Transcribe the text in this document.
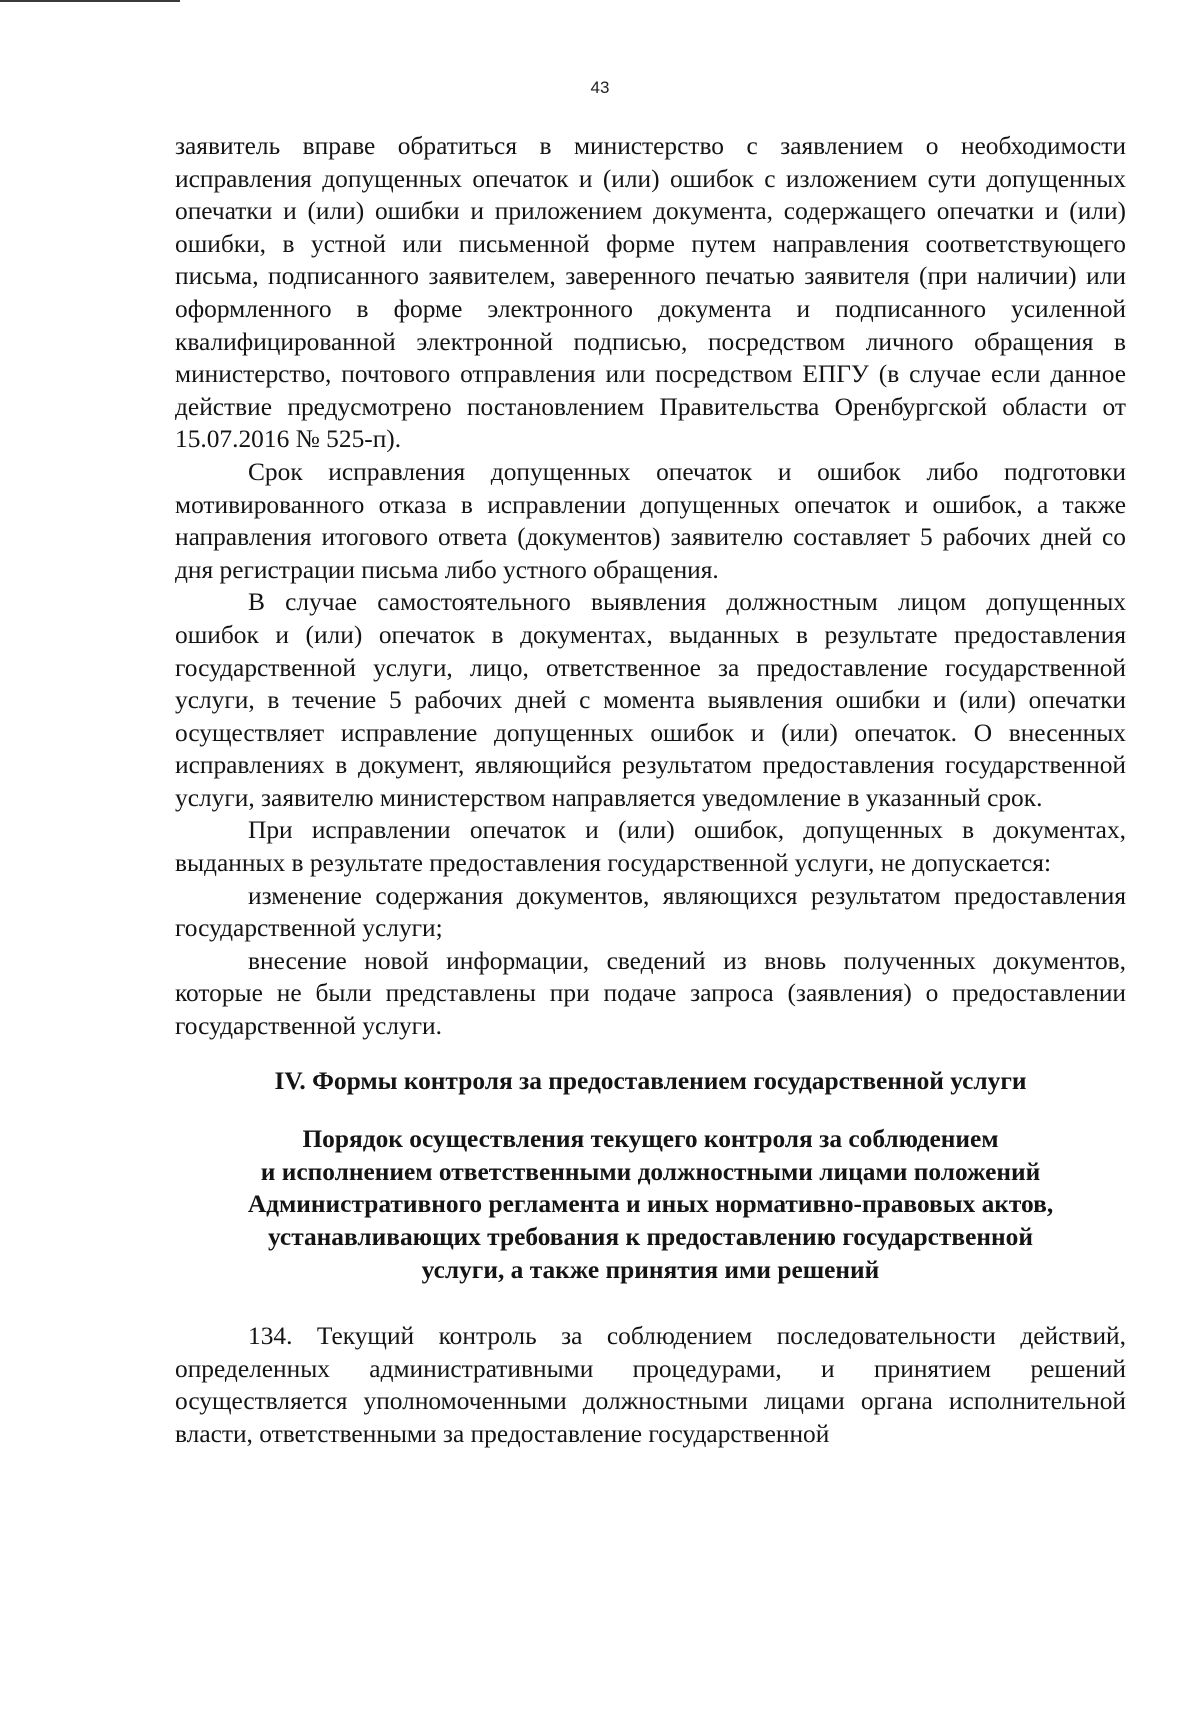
43

заявитель вправе обратиться в министерство с заявлением о необходимости исправления допущенных опечаток и (или) ошибок с изложением сути допущенных опечатки и (или) ошибки и приложением документа, содержащего опечатки и (или) ошибки, в устной или письменной форме путем направления соответствующего письма, подписанного заявителем, заверенного печатью заявителя (при наличии) или оформленного в форме электронного документа и подписанного усиленной квалифицированной электронной подписью, посредством личного обращения в министерство, почтового отправления или посредством ЕПГУ (в случае если данное действие предусмотрено постановлением Правительства Оренбургской области от 15.07.2016 № 525-п).

Срок исправления допущенных опечаток и ошибок либо подготовки мотивированного отказа в исправлении допущенных опечаток и ошибок, а также направления итогового ответа (документов) заявителю составляет 5 рабочих дней со дня регистрации письма либо устного обращения.

В случае самостоятельного выявления должностным лицом допущенных ошибок и (или) опечаток в документах, выданных в результате предоставления государственной услуги, лицо, ответственное за предоставление государственной услуги, в течение 5 рабочих дней с момента выявления ошибки и (или) опечатки осуществляет исправление допущенных ошибок и (или) опечаток. О внесенных исправлениях в документ, являющийся результатом предоставления государственной услуги, заявителю министерством направляется уведомление в указанный срок.

При исправлении опечаток и (или) ошибок, допущенных в документах, выданных в результате предоставления государственной услуги, не допускается:

изменение содержания документов, являющихся результатом предоставления государственной услуги;

внесение новой информации, сведений из вновь полученных документов, которые не были представлены при подаче запроса (заявления) о предоставлении государственной услуги.

IV. Формы контроля за предоставлением государственной услуги
Порядок осуществления текущего контроля за соблюдением
и исполнением ответственными должностными лицами положений
Административного регламента и иных нормативно-правовых актов,
устанавливающих требования к предоставлению государственной
услуги, а также принятия ими решений

134. Текущий контроль за соблюдением последовательности действий, определенных административными процедурами, и принятием решений осуществляется уполномоченными должностными лицами органа исполнительной власти, ответственными за предоставление государственной
